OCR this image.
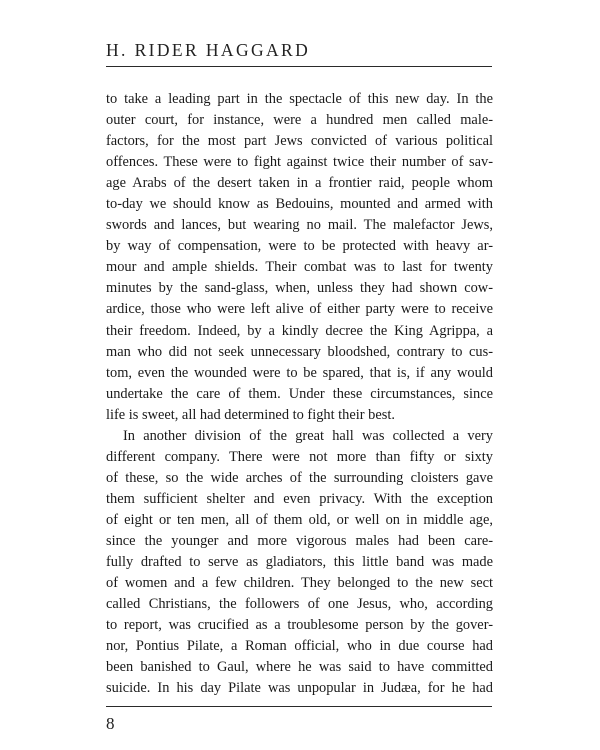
H. RIDER HAGGARD
to take a leading part in the spectacle of this new day. In the
outer court, for instance, were a hundred men called male-
factors, for the most part Jews convicted of various political
offences. These were to fight against twice their number of sav-
age Arabs of the desert taken in a frontier raid, people whom
to-day we should know as Bedouins, mounted and armed with
swords and lances, but wearing no mail. The malefactor Jews,
by way of compensation, were to be protected with heavy ar-
mour and ample shields. Their combat was to last for twenty
minutes by the sand-glass, when, unless they had shown cow-
ardice, those who were left alive of either party were to receive
their freedom. Indeed, by a kindly decree the King Agrippa, a
man who did not seek unnecessary bloodshed, contrary to cus-
tom, even the wounded were to be spared, that is, if any would
undertake the care of them. Under these circumstances, since
life is sweet, all had determined to fight their best.
In another division of the great hall was collected a very
different company. There were not more than fifty or sixty
of these, so the wide arches of the surrounding cloisters gave
them sufficient shelter and even privacy. With the exception
of eight or ten men, all of them old, or well on in middle age,
since the younger and more vigorous males had been care-
fully drafted to serve as gladiators, this little band was made
of women and a few children. They belonged to the new sect
called Christians, the followers of one Jesus, who, according
to report, was crucified as a troublesome person by the gover-
nor, Pontius Pilate, a Roman official, who in due course had
been banished to Gaul, where he was said to have committed
suicide. In his day Pilate was unpopular in Judæa, for he had
8
